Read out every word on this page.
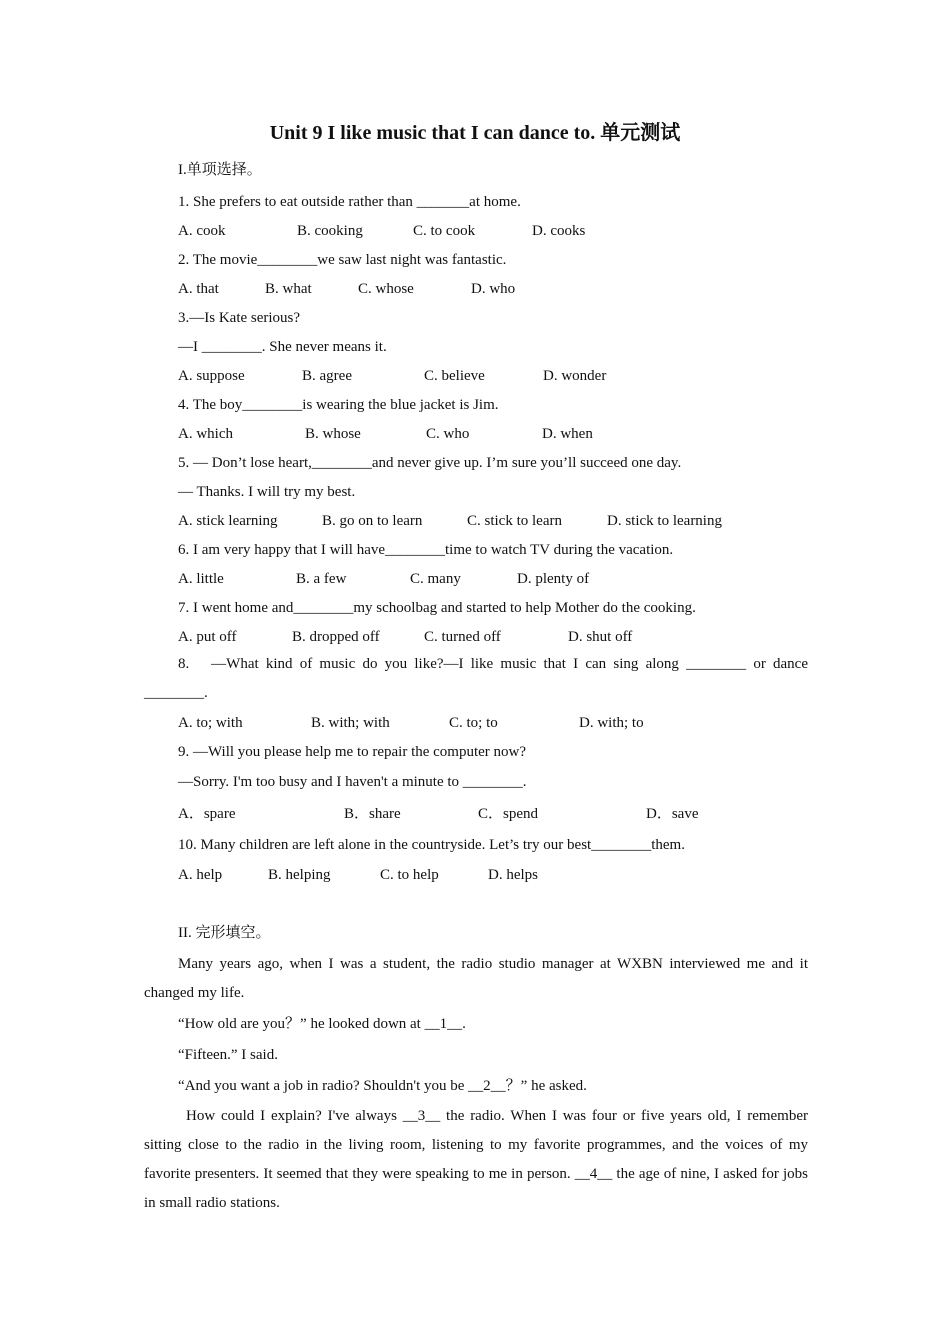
Unit 9 I like music that I can dance to. 单元测试
I.单项选择。
1. She prefers to eat outside rather than _______at home.
A. cook	B. cooking	C. to cook	D. cooks
2. The movie________we saw last night was fantastic.
A. that	B. what	C. whose	D. who
3.—Is Kate serious?
—I ________. She never means it.
A. suppose	B. agree	C. believe	D. wonder
4. The boy________is wearing the blue jacket is Jim.
A. which	B. whose	C. who	D. when
5. — Don’t lose heart,________and never give up. I’m sure you’ll succeed one day.
— Thanks. I will try my best.
A. stick learning	B. go on to learn	C. stick to learn	D. stick to learning
6. I am very happy that I will have________time to watch TV during the vacation.
A. little	B. a few	C. many	D. plenty of
7. I went home and________my schoolbag and started to help Mother do the cooking.
A. put off	B. dropped off	C. turned off	D. shut off
8.　—What kind of music do you like?—I like music that I can sing along ________ or dance ________.
A. to; with	B. with; with	C. to; to	D. with; to
9. —Will you please help me to repair the computer now?
—Sorry. I'm too busy and I haven't a minute to ________.
A．spare	B．share	C．spend	D．save
10. Many children are left alone in the countryside. Let’s try our best________them.
A. help	B. helping	C. to help	D. helps
II. 完形填空。
Many years ago, when I was a student, the radio studio manager at WXBN interviewed me and it changed my life.
“How old are you？” he looked down at __1__.
“Fifteen.” I said.
“And you want a job in radio? Shouldn't you be __2__？” he asked.
How could I explain? I've always __3__ the radio. When I was four or five years old, I remember sitting close to the radio in the living room, listening to my favorite programmes, and the voices of my favorite presenters. It seemed that they were speaking to me in person. __4__ the age of nine, I asked for jobs in small radio stations.
